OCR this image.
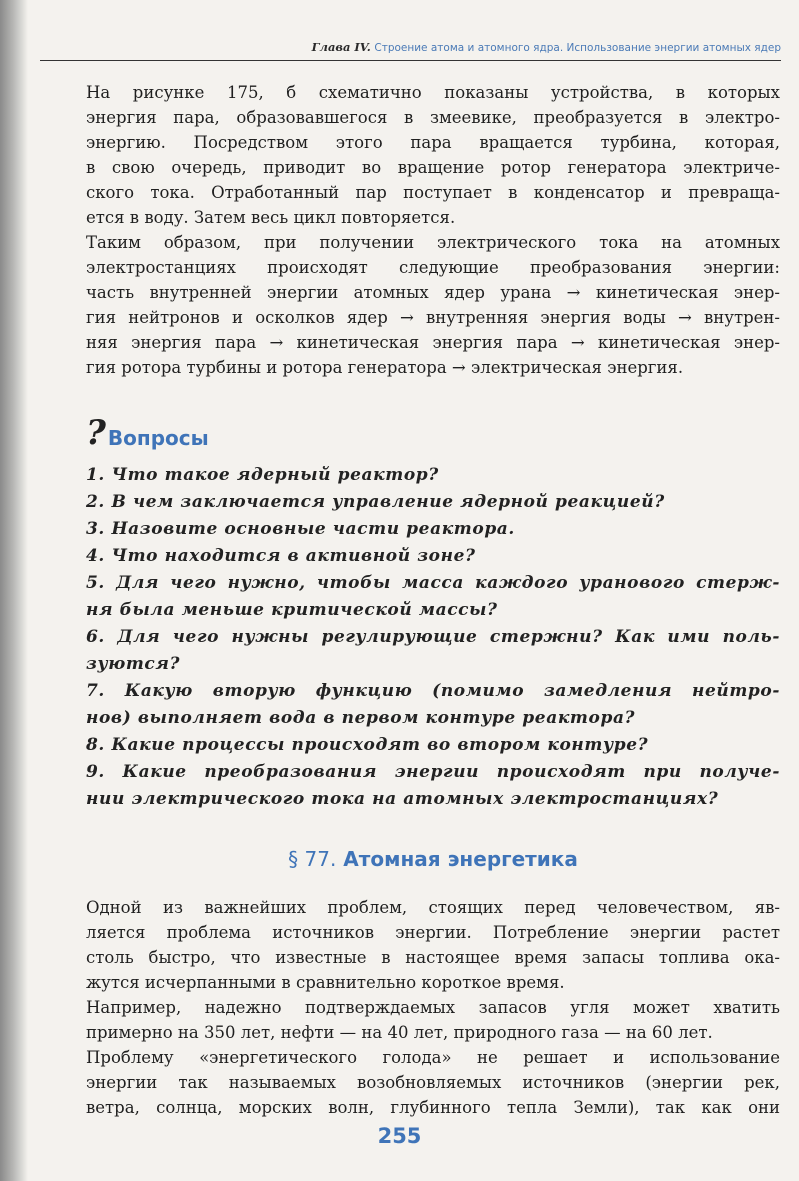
Глава IV. Строение атома и атомного ядра. Использование энергии атомных ядер

На рисунке 175, б схематично показаны устройства, в которых
энергия пара, образовавшегося в змеевике, преобразуется в электро-
энергию. Посредством этого пара вращается турбина, которая,
в свою очередь, приводит во вращение ротор генератора электриче-
ского тока. Отработанный пар поступает в конденсатор и превраща-
ется в воду. Затем весь цикл повторяется.

Таким образом, при получении электрического тока на атомных
электростанциях происходят следующие преобразования энергии:
часть внутренней энергии атомных ядер урана → кинетическая энер-
гия нейтронов и осколков ядер → внутренняя энергия воды → внутрен-
няя энергия пара → кинетическая энергия пара → кинетическая энер-
гия ротора турбины и ротора генератора → электрическая энергия.

? Вопросы
1. Что такое ядерный реактор?
2. В чем заключается управление ядерной реакцией?
3. Назовите основные части реактора.
4. Что находится в активной зоне?
5. Для чего нужно, чтобы масса каждого уранового стерж-
ня была меньше критической массы?
6. Для чего нужны регулирующие стержни? Как ими поль-
зуются?
7. Какую вторую функцию (помимо замедления нейтро-
нов) выполняет вода в первом контуре реактора?
8. Какие процессы происходят во втором контуре?
9. Какие преобразования энергии происходят при получе-
нии электрического тока на атомных электростанциях?
§ 77. Атомная энергетика

Одной из важнейших проблем, стоящих перед человечеством, яв-
ляется проблема источников энергии. Потребление энергии растет
столь быстро, что известные в настоящее время запасы топлива ока-
жутся исчерпанными в сравнительно короткое время.

Например, надежно подтверждаемых запасов угля может хватить
примерно на 350 лет, нефти — на 40 лет, природного газа — на 60 лет.

Проблему «энергетического голода» не решает и использование
энергии так называемых возобновляемых источников (энергии рек,
ветра, солнца, морских волн, глубинного тепла Земли), так как они

255
